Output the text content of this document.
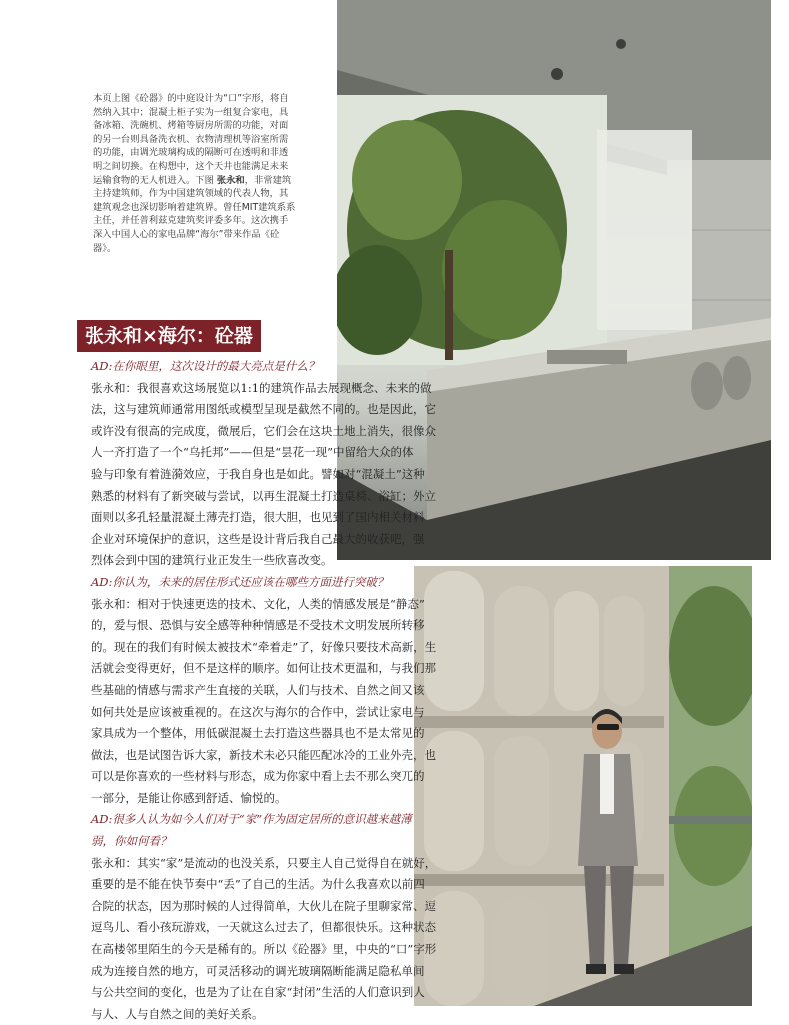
本页上图《砼器》的中庭设计为“口”字形，将自然纳入其中；混凝土柜子实为一组复合家电，具备冰箱、洗碗机、烤箱等厨房所需的功能，对面的另一台则具备洗衣机、衣物清理机等浴室所需的功能，由调光玻璃构成的隔断可在透明和非透明之间切换。在构想中，这个天井也能满足未来运输食物的无人机进入。下图 张永和，非常建筑主持建筑师，作为中国建筑领域的代表人物，其建筑观念也深切影响着建筑界。曾任MIT建筑系系主任，并任普利兹克建筑奖评委多年。这次携手深入中国人心的家电品牌“海尔”带来作品《砼器》。
张永和×海尔：砼器

AD:在你眼里，这次设计的最大亮点是什么？

张永和：我很喜欢这场展览以1:1的建筑作品去展现概念、未来的做
法，这与建筑师通常用图纸或模型呈现是截然不同的。也是因此，它
或许没有很高的完成度，微展后，它们会在这块土地上消失，很像众
人一齐打造了一个“乌托邦”——但是“昙花一现”中留给大众的体
验与印象有着涟漪效应，于我自身也是如此。譬如对“混凝土”这种
熟悉的材料有了新突破与尝试，以再生混凝土打造桌椅、浴缸；外立
面则以多孔轻量混凝土薄壳打造，很大胆，也见到了国内相关材料
企业对环境保护的意识，这些是设计背后我自己最大的收获吧，强
烈体会到中国的建筑行业正发生一些欣喜改变。

AD:你认为，未来的居住形式还应该在哪些方面进行突破？

张永和：相对于快速更迭的技术、文化，人类的情感发展是“静态”
的，爱与恨、恐惧与安全感等种种情感是不受技术文明发展所转移
的。现在的我们有时候太被技术“牵着走”了，好像只要技术高新，生
活就会变得更好，但不是这样的顺序。如何让技术更温和，与我们那
些基础的情感与需求产生直接的关联，人们与技术、自然之间又该
如何共处是应该被重视的。在这次与海尔的合作中，尝试让家电与
家具成为一个整体，用低碳混凝土去打造这些器具也不是太常见的
做法，也是试图告诉大家，新技术未必只能匹配冰冷的工业外壳，也
可以是你喜欢的一些材料与形态，成为你家中看上去不那么突兀的
一部分，是能让你感到舒适、愉悦的。

AD:很多人认为如今人们对于“家”作为固定居所的意识越来越薄

弱，你如何看？

张永和：其实“家”是流动的也没关系，只要主人自己觉得自在就好，
重要的是不能在快节奏中“丢”了自己的生活。为什么我喜欢以前四
合院的状态，因为那时候的人过得简单，大伙儿在院子里聊家常、逗
逗鸟儿、看小孩玩游戏，一天就这么过去了，但都很快乐。这种状态
在高楼邻里陌生的今天是稀有的。所以《砼器》里，中央的“口”字形
成为连接自然的地方，可灵活移动的调光玻璃隔断能满足隐私单间
与公共空间的变化，也是为了让在自家“封闭”生活的人们意识到人
与人、人与自然之间的美好关系。
